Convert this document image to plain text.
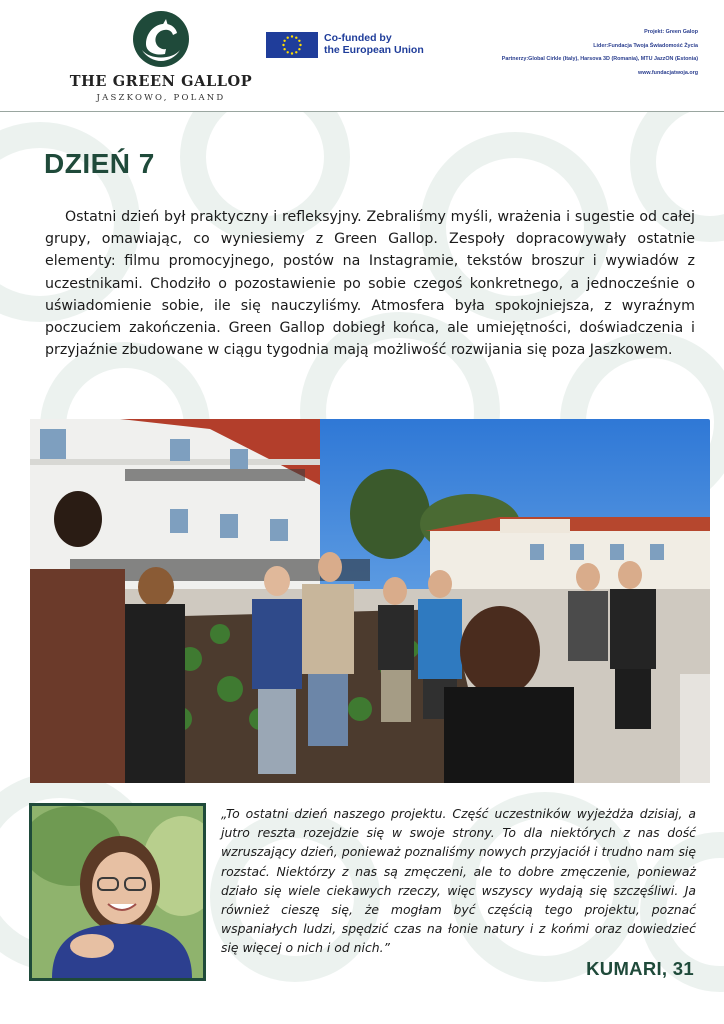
THE GREEN GALLOP
JASZKOWO, POLAND
Co-funded by
the European Union
Projekt: Green Galop
Lider:Fundacja Twoja Świadomość Życia
Partnerzy:Global Cirkle (Italy), Harsova 3D (Romania), MTU JazzON (Estonia)
www.fundacjatwoja.org
DZIEŃ 7

Ostatni dzień był praktyczny i refleksyjny. Zebraliśmy myśli, wrażenia i sugestie od całej grupy, omawiając, co wyniesiemy z Green Gallop. Zespoły dopracowywały ostatnie elementy: filmu promocyjnego, postów na Instagramie, tekstów broszur i wywiadów z uczestnikami. Chodziło o pozostawienie po sobie czegoś konkretnego, a jednocześnie o uświadomienie sobie, ile się nauczyliśmy. Atmosfera była spokojniejsza, z wyraźnym poczuciem zakończenia. Green Gallop dobiegł końca, ale umiejętności, doświadczenia i przyjaźnie zbudowane w ciągu tygodnia mają możliwość rozwijania się poza Jaszkowem.

„To ostatni dzień naszego projektu. Część uczestników wyjeżdża dzisiaj, a jutro reszta rozejdzie się w swoje strony. To dla niektórych z nas dość wzruszający dzień, ponieważ poznaliśmy nowych przyjaciół i trudno nam się rozstać. Niektórzy z nas są zmęczeni, ale to dobre zmęczenie, ponieważ działo się wiele ciekawych rzeczy, więc wszyscy wydają się szczęśliwi. Ja również cieszę się, że mogłam być częścią tego projektu, poznać wspaniałych ludzi, spędzić czas na łonie natury i z końmi oraz dowiedzieć się więcej o nich i od nich.”
KUMARI, 31
